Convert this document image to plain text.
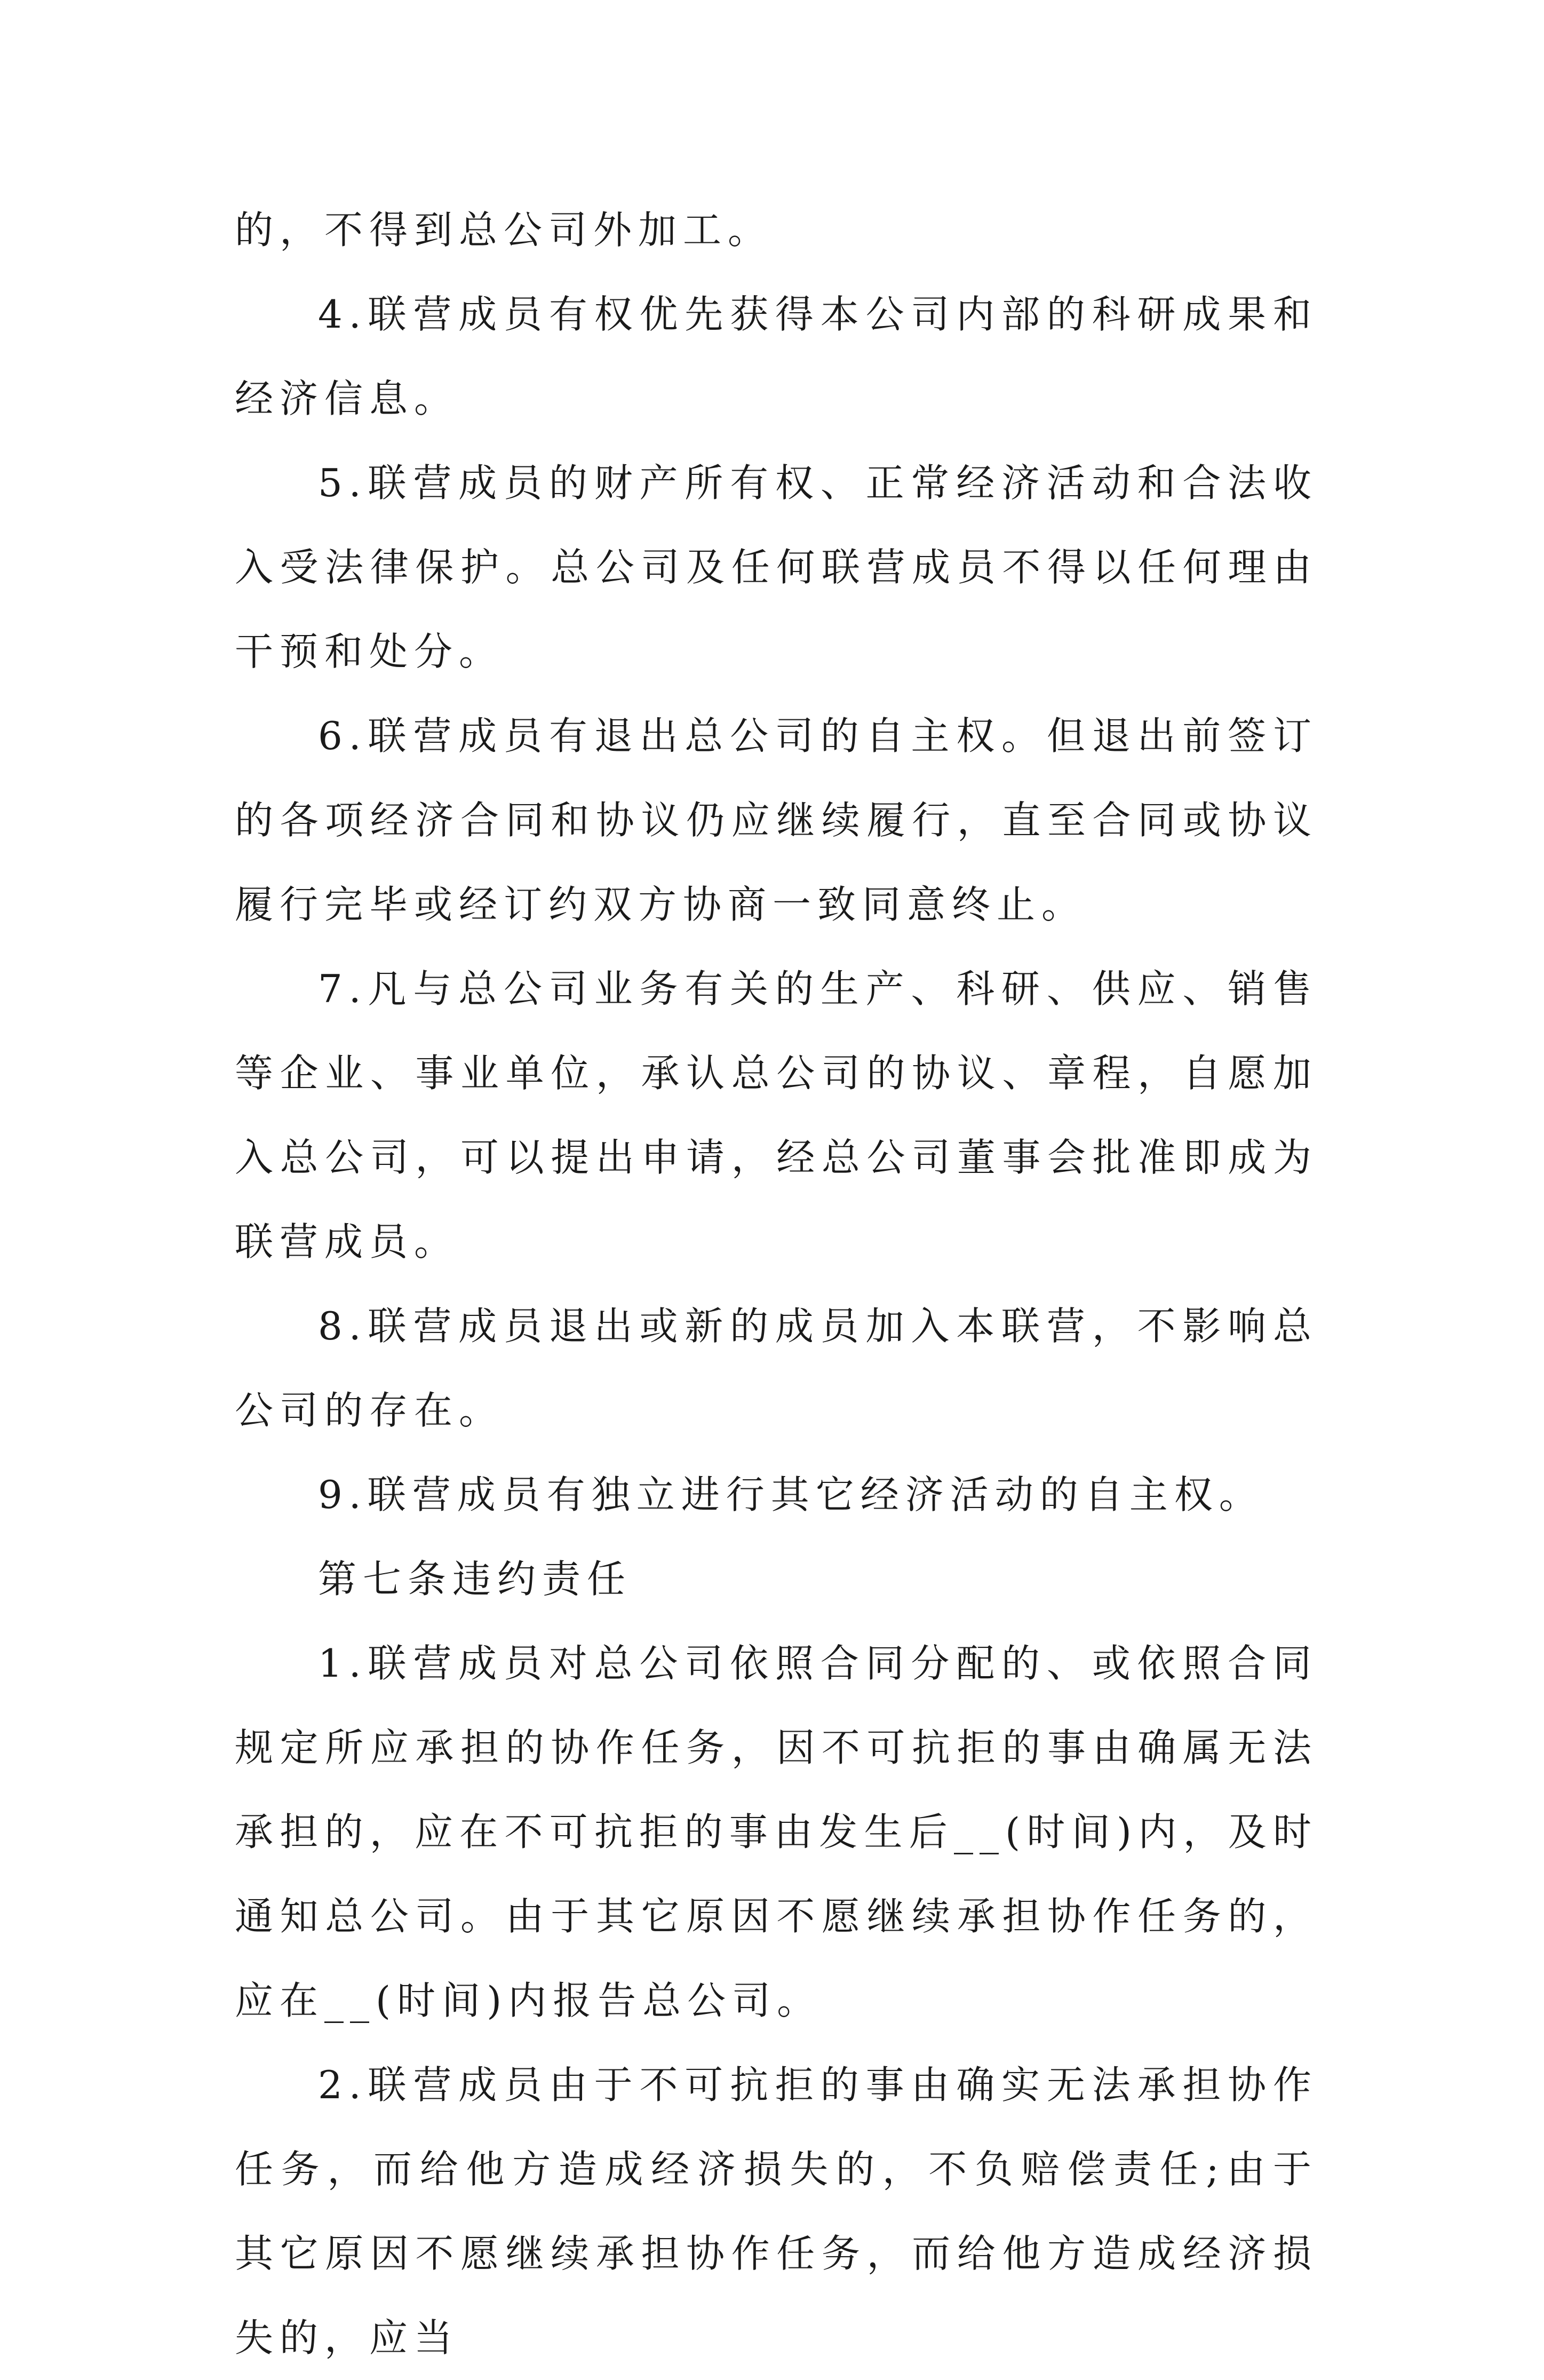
的，不得到总公司外加工。

4.联营成员有权优先获得本公司内部的科研成果和经济信息。

5.联营成员的财产所有权、正常经济活动和合法收入受法律保护。总公司及任何联营成员不得以任何理由干预和处分。

6.联营成员有退出总公司的自主权。但退出前签订的各项经济合同和协议仍应继续履行，直至合同或协议履行完毕或经订约双方协商一致同意终止。

7.凡与总公司业务有关的生产、科研、供应、销售等企业、事业单位，承认总公司的协议、章程，自愿加入总公司，可以提出申请，经总公司董事会批准即成为联营成员。

8.联营成员退出或新的成员加入本联营，不影响总公司的存在。

9.联营成员有独立进行其它经济活动的自主权。

第七条违约责任

1.联营成员对总公司依照合同分配的、或依照合同规定所应承担的协作任务，因不可抗拒的事由确属无法承担的，应在不可抗拒的事由发生后__(时间)内，及时通知总公司。由于其它原因不愿继续承担协作任务的，应在__(时间)内报告总公司。

2.联营成员由于不可抗拒的事由确实无法承担协作任务，而给他方造成经济损失的，不负赔偿责任;由于其它原因不愿继续承担协作任务，而给他方造成经济损失的，应当
